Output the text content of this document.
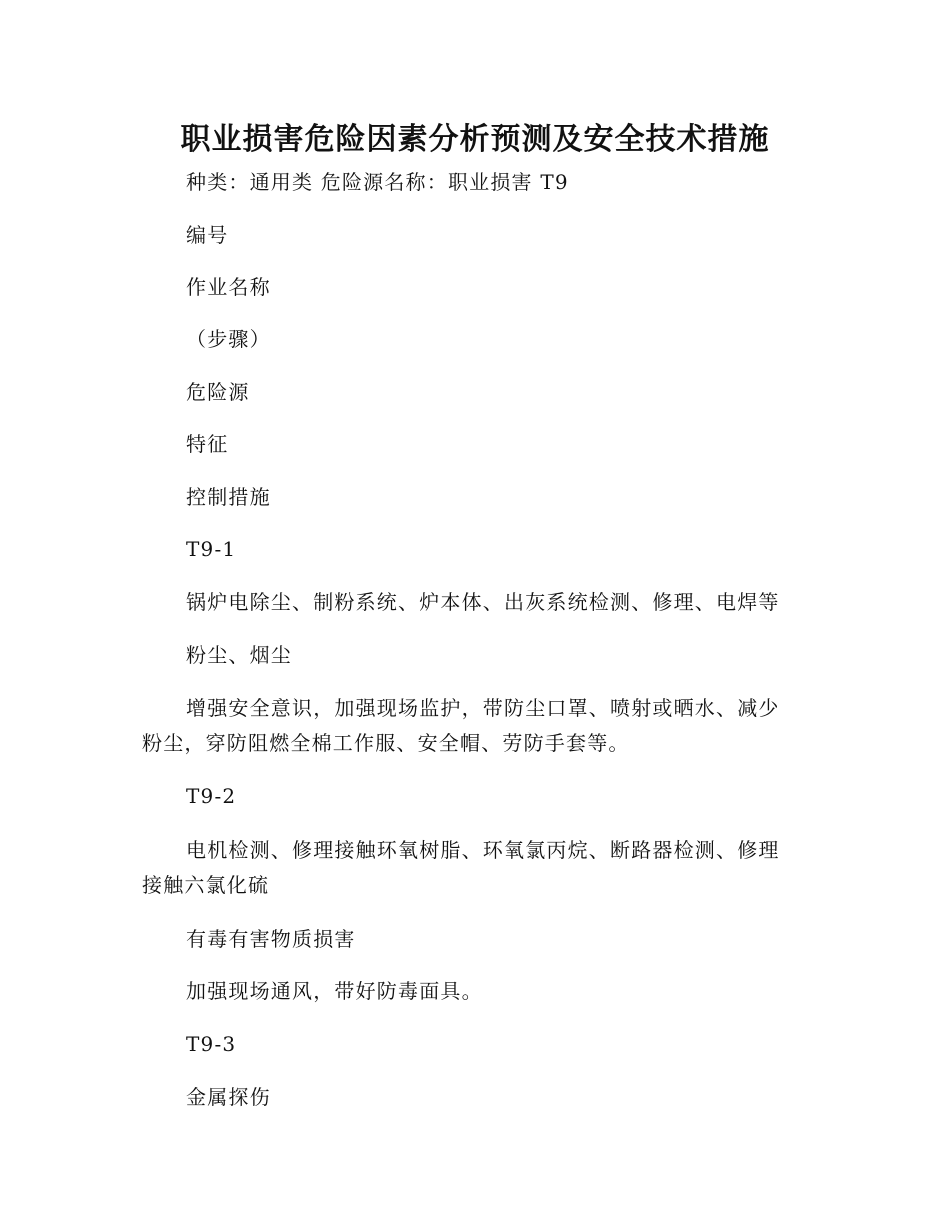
职业损害危险因素分析预测及安全技术措施
种类：通用类 危险源名称：职业损害 T9
编号
作业名称
（步骤）
危险源
特征
控制措施
T9-1
锅炉电除尘、制粉系统、炉本体、出灰系统检测、修理、电焊等
粉尘、烟尘
增强安全意识，加强现场监护，带防尘口罩、喷射或晒水、减少粉尘，穿防阻燃全棉工作服、安全帽、劳防手套等。
T9-2
电机检测、修理接触环氧树脂、环氧氯丙烷、断路器检测、修理接触六氯化硫
有毒有害物质损害
加强现场通风，带好防毒面具。
T9-3
金属探伤
